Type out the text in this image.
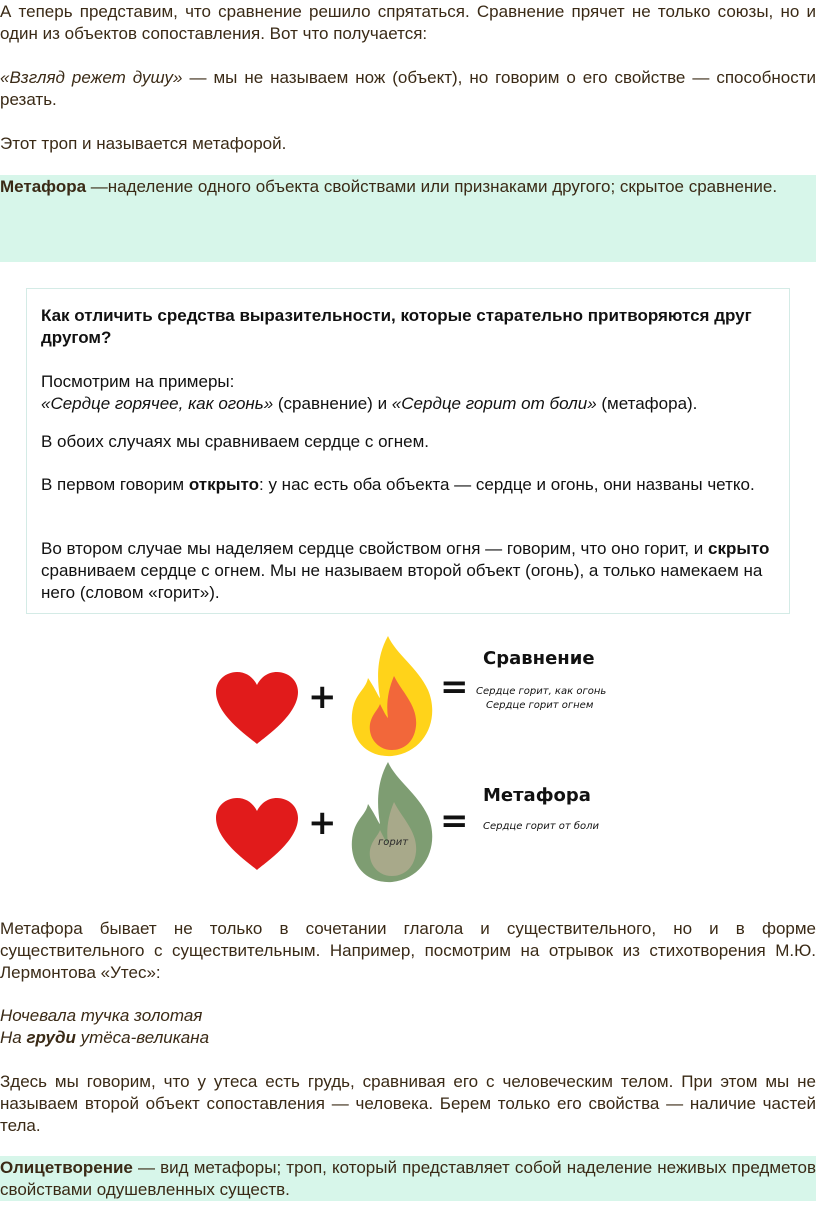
А теперь представим, что сравнение решило спрятаться. Сравнение прячет не только союзы, но и один из объектов сопоставления. Вот что получается:

«Взгляд режет душу» — мы не называем нож (объект), но говорим о его свойстве — способности резать.

Этот троп и называется метафорой.

Метафора —наделение одного объекта свойствами или признаками другого; скрытое сравнение.

Как отличить средства выразительности, которые старательно притворяются друг другом?

Посмотрим на примеры:
«Сердце горячее, как огонь» (сравнение) и «Сердце горит от боли» (метафора).

В обоих случаях мы сравниваем сердце с огнем.

В первом говорим открыто: у нас есть оба объекта — сердце и огонь, они названы четко.

Во втором случае мы наделяем сердце свойством огня — говорим, что оно горит, и скрыто сравниваем сердце с огнем. Мы не называем второй объект (огонь), а только намекаем на него (словом «горит»).

+	=
Сравнение
Сердце горит, как огонь
Сердце горит огнем
+	горит
=
Метафора
Сердце горит от боли

Метафора бывает не только в сочетании глагола и существительного, но и в форме существительного с существительным. Например, посмотрим на отрывок из стихотворения М.Ю. Лермонтова «Утес»:

Ночевала тучка золотая
На груди утёса-великана

Здесь мы говорим, что у утеса есть грудь, сравнивая его с человеческим телом. При этом мы не называем второй объект сопоставления — человека. Берем только его свойства — наличие частей тела.

Олицетворение — вид метафоры; троп, который представляет собой наделение неживых предметов свойствами одушевленных существ.
